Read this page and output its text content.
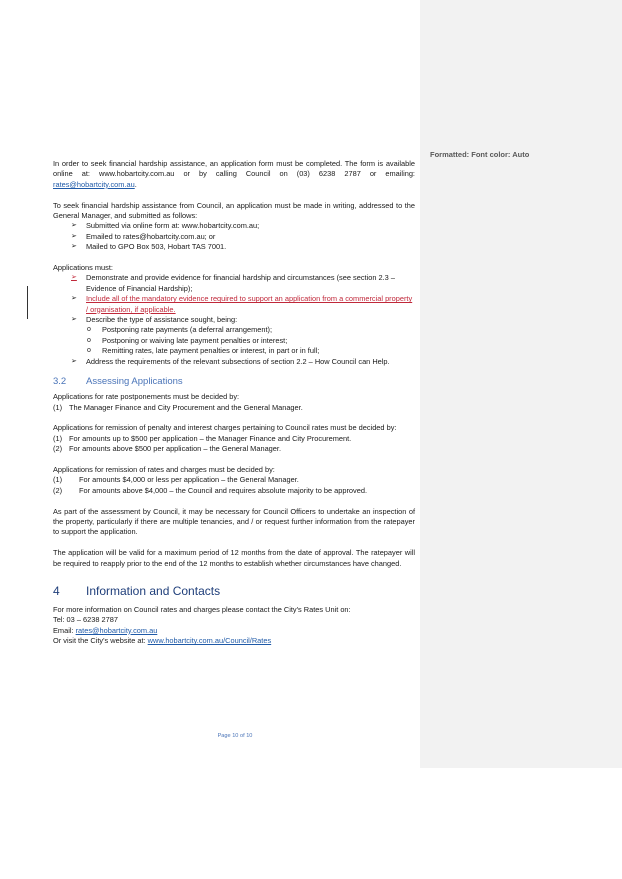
Formatted: Font color: Auto

In order to seek financial hardship assistance, an application form must be completed. The form is available online at: www.hobartcity.com.au or by calling Council on (03) 6238 2787 or emailing: rates@hobartcity.com.au.

To seek financial hardship assistance from Council, an application must be made in writing, addressed to the General Manager, and submitted as follows:

➢ Submitted via online form at: www.hobartcity.com.au;
➢ Emailed to rates@hobartcity.com.au; or
➢ Mailed to GPO Box 503, Hobart TAS 7001.

Applications must:

➢ Demonstrate and provide evidence for financial hardship and circumstances (see section 2.3 – Evidence of Financial Hardship);
➢ Include all of the mandatory evidence required to support an application from a commercial property / organisation, if applicable.
➢ Describe the type of assistance sought, being:
o Postponing rate payments (a deferral arrangement);
o Postponing or waiving late payment penalties or interest;
o Remitting rates, late payment penalties or interest, in part or in full;
➢ Address the requirements of the relevant subsections of section 2.2 – How Council can Help.
3.2 Assessing Applications

Applications for rate postponements must be decided by:

(1) The Manager Finance and City Procurement and the General Manager.

Applications for remission of penalty and interest charges pertaining to Council rates must be decided by:

(1) For amounts up to $500 per application – the Manager Finance and City Procurement.
(2) For amounts above $500 per application – the General Manager.

Applications for remission of rates and charges must be decided by:

(1) For amounts $4,000 or less per application – the General Manager.
(2) For amounts above $4,000 – the Council and requires absolute majority to be approved.

As part of the assessment by Council, it may be necessary for Council Officers to undertake an inspection of the property, particularly if there are multiple tenancies, and / or request further information from the ratepayer to support the application.

The application will be valid for a maximum period of 12 months from the date of approval. The ratepayer will be required to reapply prior to the end of the 12 months to establish whether circumstances have changed.

4 Information and Contacts

For more information on Council rates and charges please contact the City's Rates Unit on:

Tel: 03 – 6238 2787

Email: rates@hobartcity.com.au

Or visit the City's website at: www.hobartcity.com.au/Council/Rates

Page 10 of 10
